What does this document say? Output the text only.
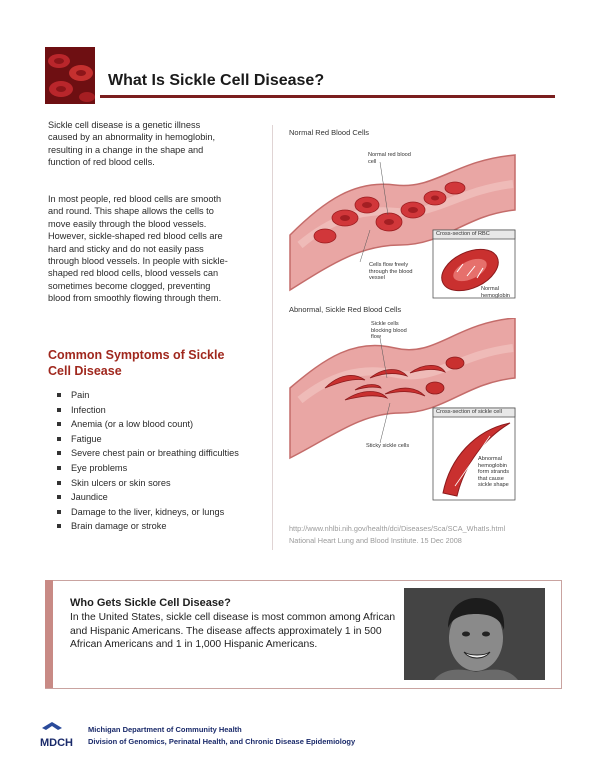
What Is Sickle Cell Disease?

Sickle cell disease is a genetic illness caused by an abnormality in hemoglobin, resulting in a change in the shape and function of red blood cells.

In most people, red blood cells are smooth and round. This shape allows the cells to move easily through the blood vessels. However, sickle-shaped red blood cells are hard and sticky and do not easily pass through blood vessels. In people with sickle-shaped red blood cells, blood vessels can sometimes become clogged, preventing blood from smoothly flowing through them.

Common Symptoms of Sickle Cell Disease
Pain
Infection
Anemia (or a low blood count)
Fatigue
Severe chest pain or breathing difficulties
Eye problems
Skin ulcers or skin sores
Jaundice
Damage to the liver, kidneys, or lungs
Brain damage or stroke
Normal Red Blood Cells
Normal red blood cell
Cells flow freely through the blood vessel
Cross-section of RBC
Normal hemoglobin
Abnormal, Sickle Red Blood Cells
Sickle cells blocking blood flow
Sticky sickle cells
Cross-section of sickle cell
Abnormal hemoglobin form strands that cause sickle shape
http://www.nhlbi.nih.gov/health/dci/Diseases/Sca/SCA_WhatIs.html
National Heart Lung and Blood Institute. 15 Dec 2008
Who Gets Sickle Cell Disease?

In the United States, sickle cell disease is most common among African and Hispanic Americans. The disease affects approximately 1 in 500 African Americans and 1 in 1,000 Hispanic Americans.

MDCH
Michigan Department of Community Health
Division of Genomics, Perinatal Health, and Chronic Disease Epidemiology
